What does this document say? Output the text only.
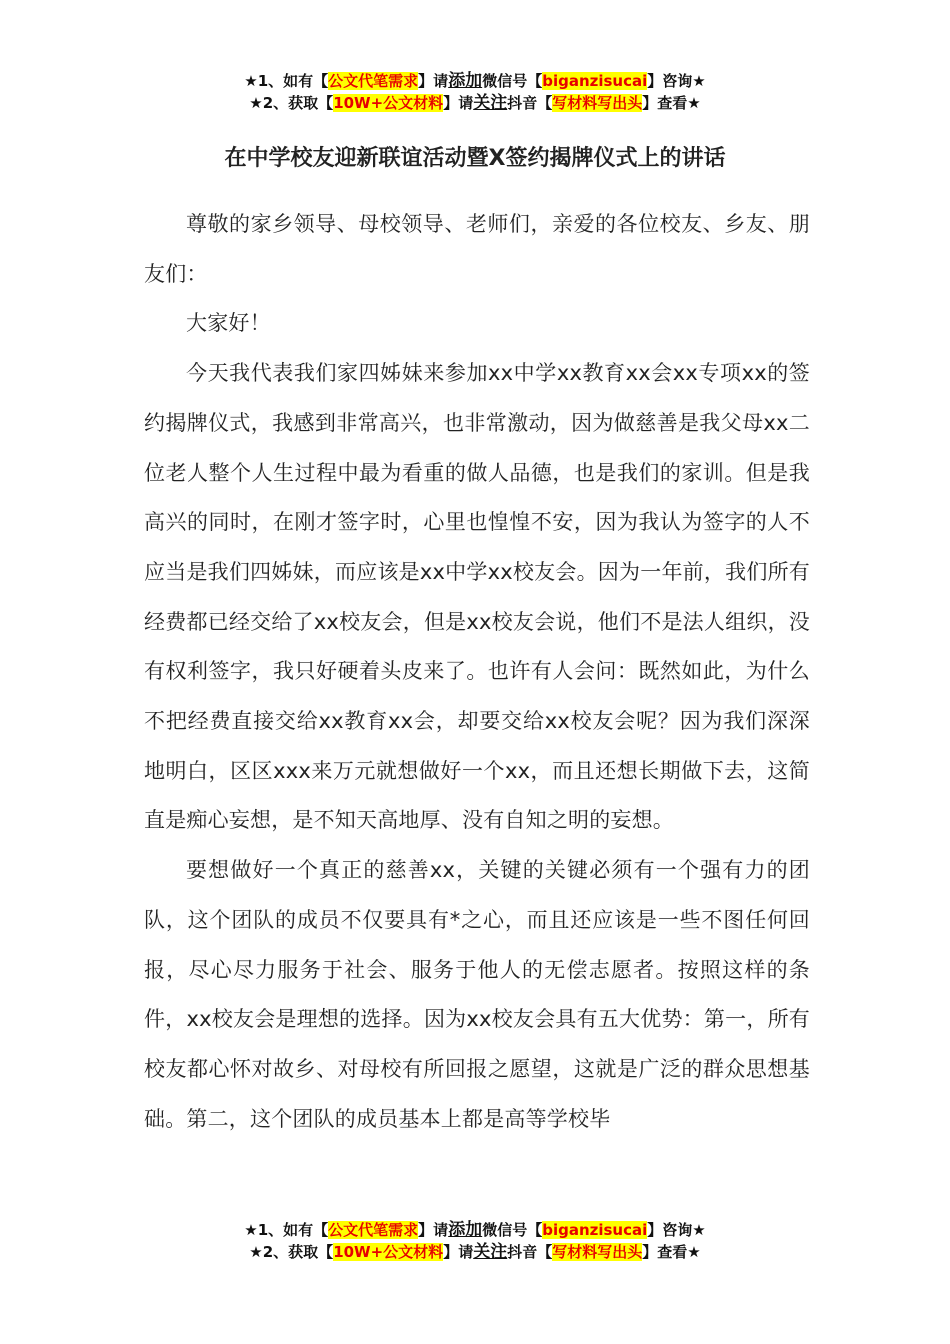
★1、如有【公文代笔需求】请添加微信号【biganzisucai】咨询★
★2、获取【10W+公文材料】请关注抖音【写材料写出头】查看★
在中学校友迎新联谊活动暨X签约揭牌仪式上的讲话

尊敬的家乡领导、母校领导、老师们，亲爱的各位校友、乡友、朋友们：

大家好！

今天我代表我们家四姊妹来参加xx中学xx教育xx会xx专项xx的签约揭牌仪式，我感到非常高兴，也非常激动，因为做慈善是我父母xx二位老人整个人生过程中最为看重的做人品德，也是我们的家训。但是我高兴的同时，在刚才签字时，心里也惶惶不安，因为我认为签字的人不应当是我们四姊妹，而应该是xx中学xx校友会。因为一年前，我们所有经费都已经交给了xx校友会，但是xx校友会说，他们不是法人组织，没有权利签字，我只好硬着头皮来了。也许有人会问：既然如此，为什么不把经费直接交给xx教育xx会，却要交给xx校友会呢？因为我们深深地明白，区区xxx来万元就想做好一个xx，而且还想长期做下去，这简直是痴心妄想，是不知天高地厚、没有自知之明的妄想。

要想做好一个真正的慈善xx，关键的关键必须有一个强有力的团队，这个团队的成员不仅要具有*之心，而且还应该是一些不图任何回报，尽心尽力服务于社会、服务于他人的无偿志愿者。按照这样的条件，xx校友会是理想的选择。因为xx校友会具有五大优势：第一，所有校友都心怀对故乡、对母校有所回报之愿望，这就是广泛的群众思想基础。第二，这个团队的成员基本上都是高等学校毕

★1、如有【公文代笔需求】请添加微信号【biganzisucai】咨询★
★2、获取【10W+公文材料】请关注抖音【写材料写出头】查看★
